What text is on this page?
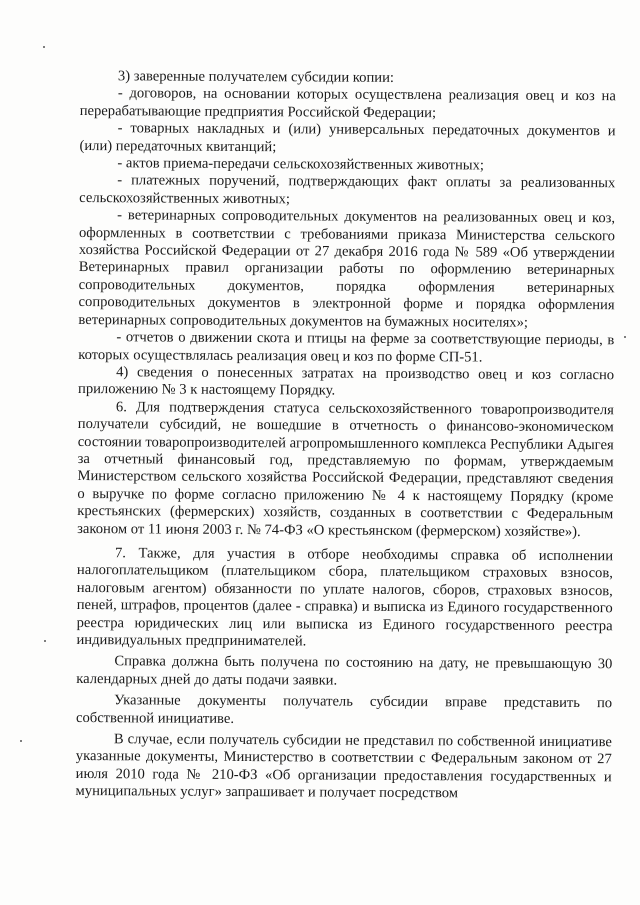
3) заверенные получателем субсидии копии:

- договоров, на основании которых осуществлена реализация овец и коз на перерабатывающие предприятия Российской Федерации;

- товарных накладных и (или) универсальных передаточных документов и (или) передаточных квитанций;

- актов приема-передачи сельскохозяйственных животных;

- платежных поручений, подтверждающих факт оплаты за реализованных сельскохозяйственных животных;

- ветеринарных сопроводительных документов на реализованных овец и коз, оформленных в соответствии с требованиями приказа Министерства сельского хозяйства Российской Федерации от 27 декабря 2016 года № 589 «Об утверждении Ветеринарных правил организации работы по оформлению ветеринарных сопроводительных документов, порядка оформления ветеринарных сопроводительных документов в электронной форме и порядка оформления ветеринарных сопроводительных документов на бумажных носителях»;

- отчетов о движении скота и птицы на ферме за соответствующие периоды, в которых осуществлялась реализация овец и коз по форме СП-51.

4) сведения о понесенных затратах на производство овец и коз согласно приложению № 3 к настоящему Порядку.

6. Для подтверждения статуса сельскохозяйственного товаропроизводителя получатели субсидий, не вошедшие в отчетность о финансово-экономическом состоянии товаропроизводителей агропромышленного комплекса Республики Адыгея за отчетный финансовый год, представляемую по формам, утверждаемым Министерством сельского хозяйства Российской Федерации, представляют сведения о выручке по форме согласно приложению № 4 к настоящему Порядку (кроме крестьянских (фермерских) хозяйств, созданных в соответствии с Федеральным законом от 11 июня 2003 г. № 74-ФЗ «О крестьянском (фермерском) хозяйстве»).

7. Также, для участия в отборе необходимы справка об исполнении налогоплательщиком (плательщиком сбора, плательщиком страховых взносов, налоговым агентом) обязанности по уплате налогов, сборов, страховых взносов, пеней, штрафов, процентов (далее - справка) и выписка из Единого государственного реестра юридических лиц или выписка из Единого государственного реестра индивидуальных предпринимателей.

Справка должна быть получена по состоянию на дату, не превышающую 30 календарных дней до даты подачи заявки.

Указанные документы получатель субсидии вправе представить по собственной инициативе.

В случае, если получатель субсидии не представил по собственной инициативе указанные документы, Министерство в соответствии с Федеральным законом от 27 июля 2010 года № 210-ФЗ «Об организации предоставления государственных и муниципальных услуг» запрашивает и получает посредством
